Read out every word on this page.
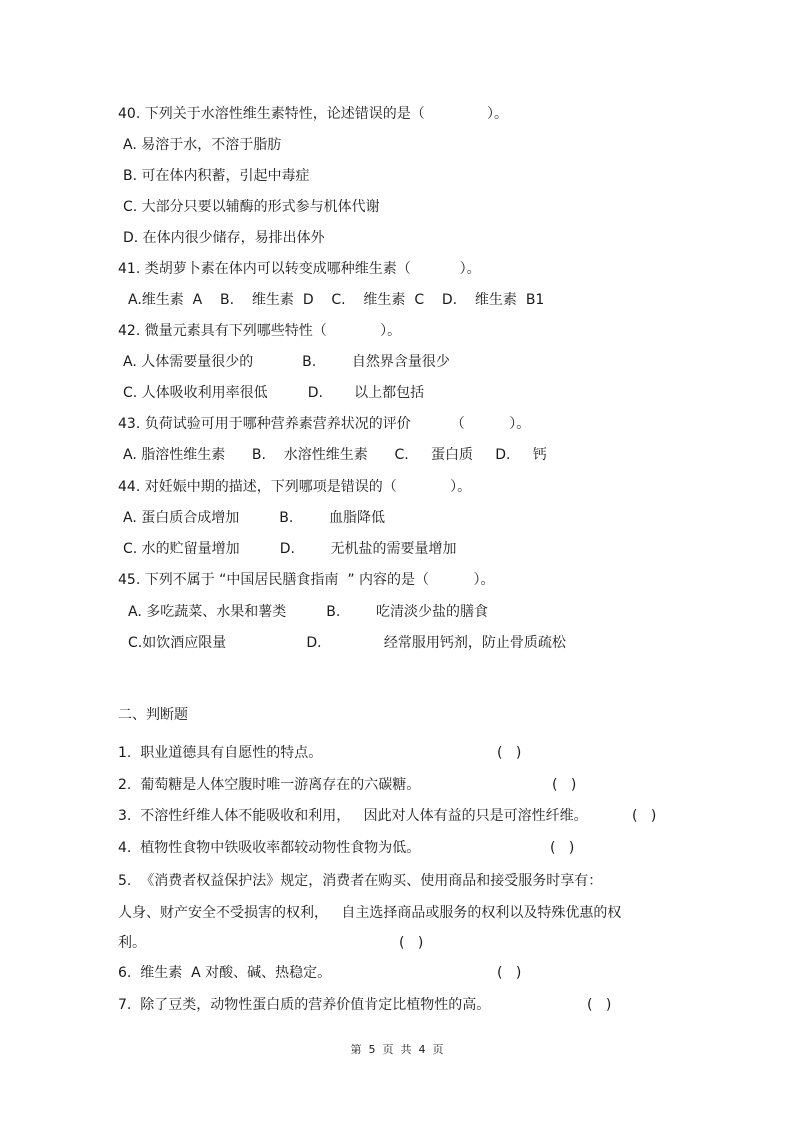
40. 下列关于水溶性维生素特性，论述错误的是（              ）。
A. 易溶于水，不溶于脂肪
B. 可在体内积蓄，引起中毒症
C. 大部分只要以辅酶的形式参与机体代谢
D. 在体内很少储存，易排出体外
41. 类胡萝卜素在体内可以转变成哪种维生素（           ）。
A.维生素  A    B.    维生素  D    C.    维生素  C    D.    维生素  B1
42. 微量元素具有下列哪些特性（            ）。
A. 人体需要量很少的           B.        自然界含量很少
C. 人体吸收利用率很低         D.       以上都包括
43. 负荷试验可用于哪种营养素营养状况的评价         （          ）。
A. 脂溶性维生素      B.    水溶性维生素      C.     蛋白质     D.     钙
44. 对妊娠中期的描述，下列哪项是错误的（            ）。
A. 蛋白质合成增加         B.        血脂降低
C. 水的贮留量增加         D.        无机盐的需要量增加
45. 下列不属于 “中国居民膳食指南  ” 内容的是（          ）。
A. 多吃蔬菜、水果和薯类         B.        吃清淡少盐的膳食
C.如饮酒应限量                  D.              经常服用钙剂，防止骨质疏松
二、判断题
1.  职业道德具有自愿性的特点。	(   )
2.  葡萄糖是人体空腹时唯一游离存在的六碳糖。	(   )
3.  不溶性纤维人体不能吸收和利用，   因此对人体有益的只是可溶性纤维。	(   )
4.  植物性食物中铁吸收率都较动物性食物为低。	(   )
5.  《消费者权益保护法》规定，消费者在购买、使用商品和接受服务时享有：
人身、财产安全不受损害的权利，   自主选择商品或服务的权利以及特殊优惠的权
利。	(   )
6.  维生素  A 对酸、碱、热稳定。	(   )
7.  除了豆类，动物性蛋白质的营养价值肯定比植物性的高。	(   )
第  5  页  共  4  页
